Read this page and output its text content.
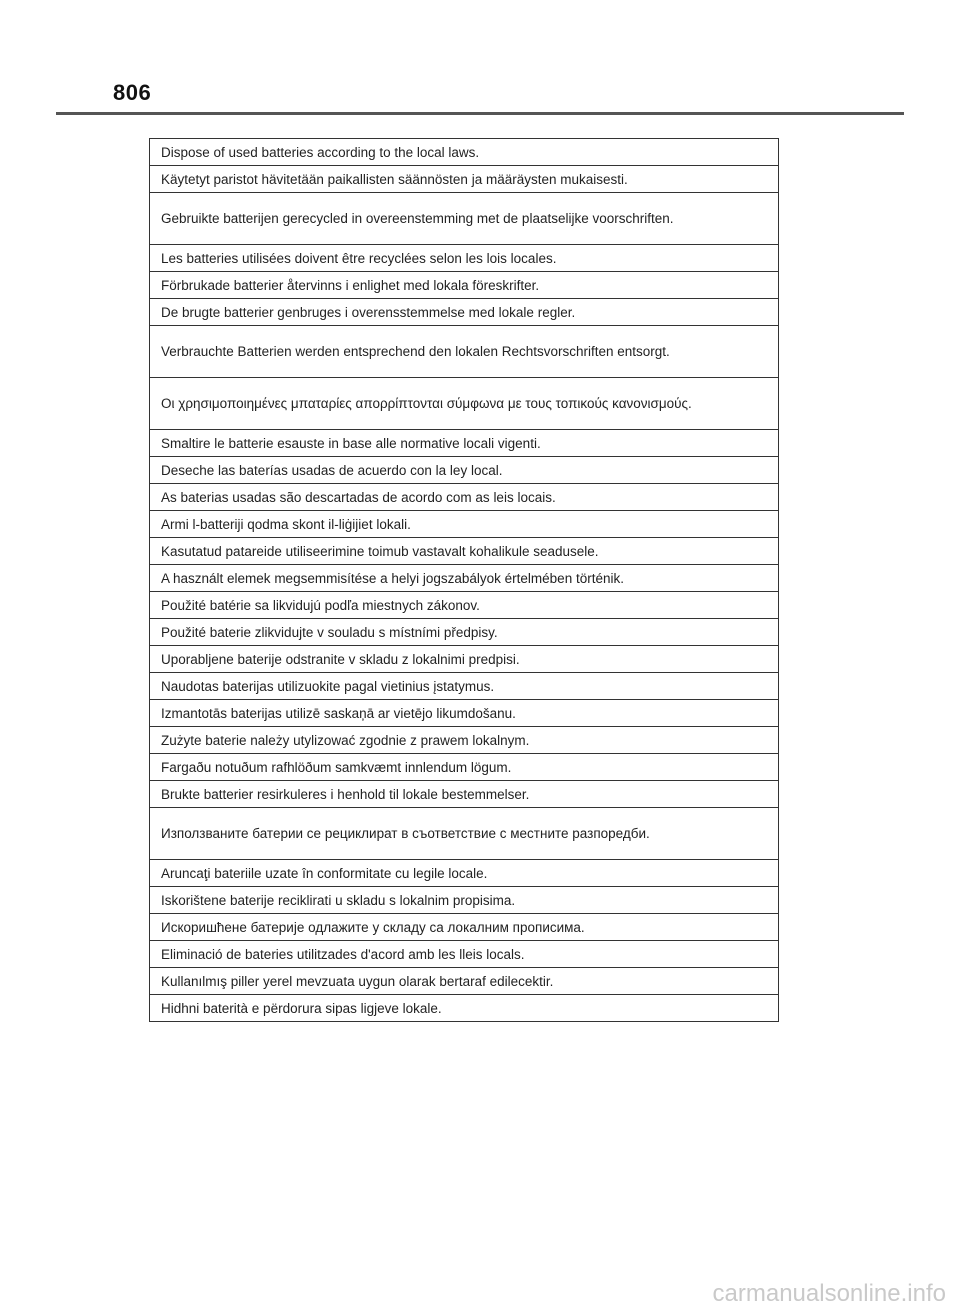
806
Dispose of used batteries according to the local laws.
Käytetyt paristot hävitetään paikallisten säännösten ja määräysten mukaisesti.
Gebruikte batterijen gerecycled in overeenstemming met de plaatselijke voorschriften.
Les batteries utilisées doivent être recyclées selon les lois locales.
Förbrukade batterier återvinns i enlighet med lokala föreskrifter.
De brugte batterier genbruges i overensstemmelse med lokale regler.
Verbrauchte Batterien werden entsprechend den lokalen Rechtsvorschriften entsorgt.
Οι χρησιμοποιημένες μπαταρίες απορρίπτονται σύμφωνα με τους τοπικούς κανονισμούς.
Smaltire le batterie esauste in base alle normative locali vigenti.
Deseche las baterías usadas de acuerdo con la ley local.
As baterias usadas são descartadas de acordo com as leis locais.
Armi l-batteriji qodma skont il-liġijiet lokali.
Kasutatud patareide utiliseerimine toimub vastavalt kohalikule seadusele.
A használt elemek megsemmisítése a helyi jogszabályok értelmében történik.
Použité batérie sa likvidujú podľa miestnych zákonov.
Použité baterie zlikvidujte v souladu s místními předpisy.
Uporabljene baterije odstranite v skladu z lokalnimi predpisi.
Naudotas baterijas utilizuokite pagal vietinius įstatymus.
Izmantotās baterijas utilizē saskaņā ar vietējo likumdošanu.
Zużyte baterie należy utylizować zgodnie z prawem lokalnym.
Fargaðu notuðum rafhlöðum samkvæmt innlendum lögum.
Brukte batterier resirkuleres i henhold til lokale bestemmelser.
Използваните батерии се рециклират в съответствие с местните разпоредби.
Aruncaţi bateriile uzate în conformitate cu legile locale.
Iskorištene baterije reciklirati u skladu s lokalnim propisima.
Искоришћене батерије одлажите у складу са локалним прописима.
Eliminació de bateries utilitzades d'acord amb les lleis locals.
Kullanılmış piller yerel mevzuata uygun olarak bertaraf edilecektir.
Hidhni baterità e përdorura sipas ligjeve lokale.
carmanualsonline.info
